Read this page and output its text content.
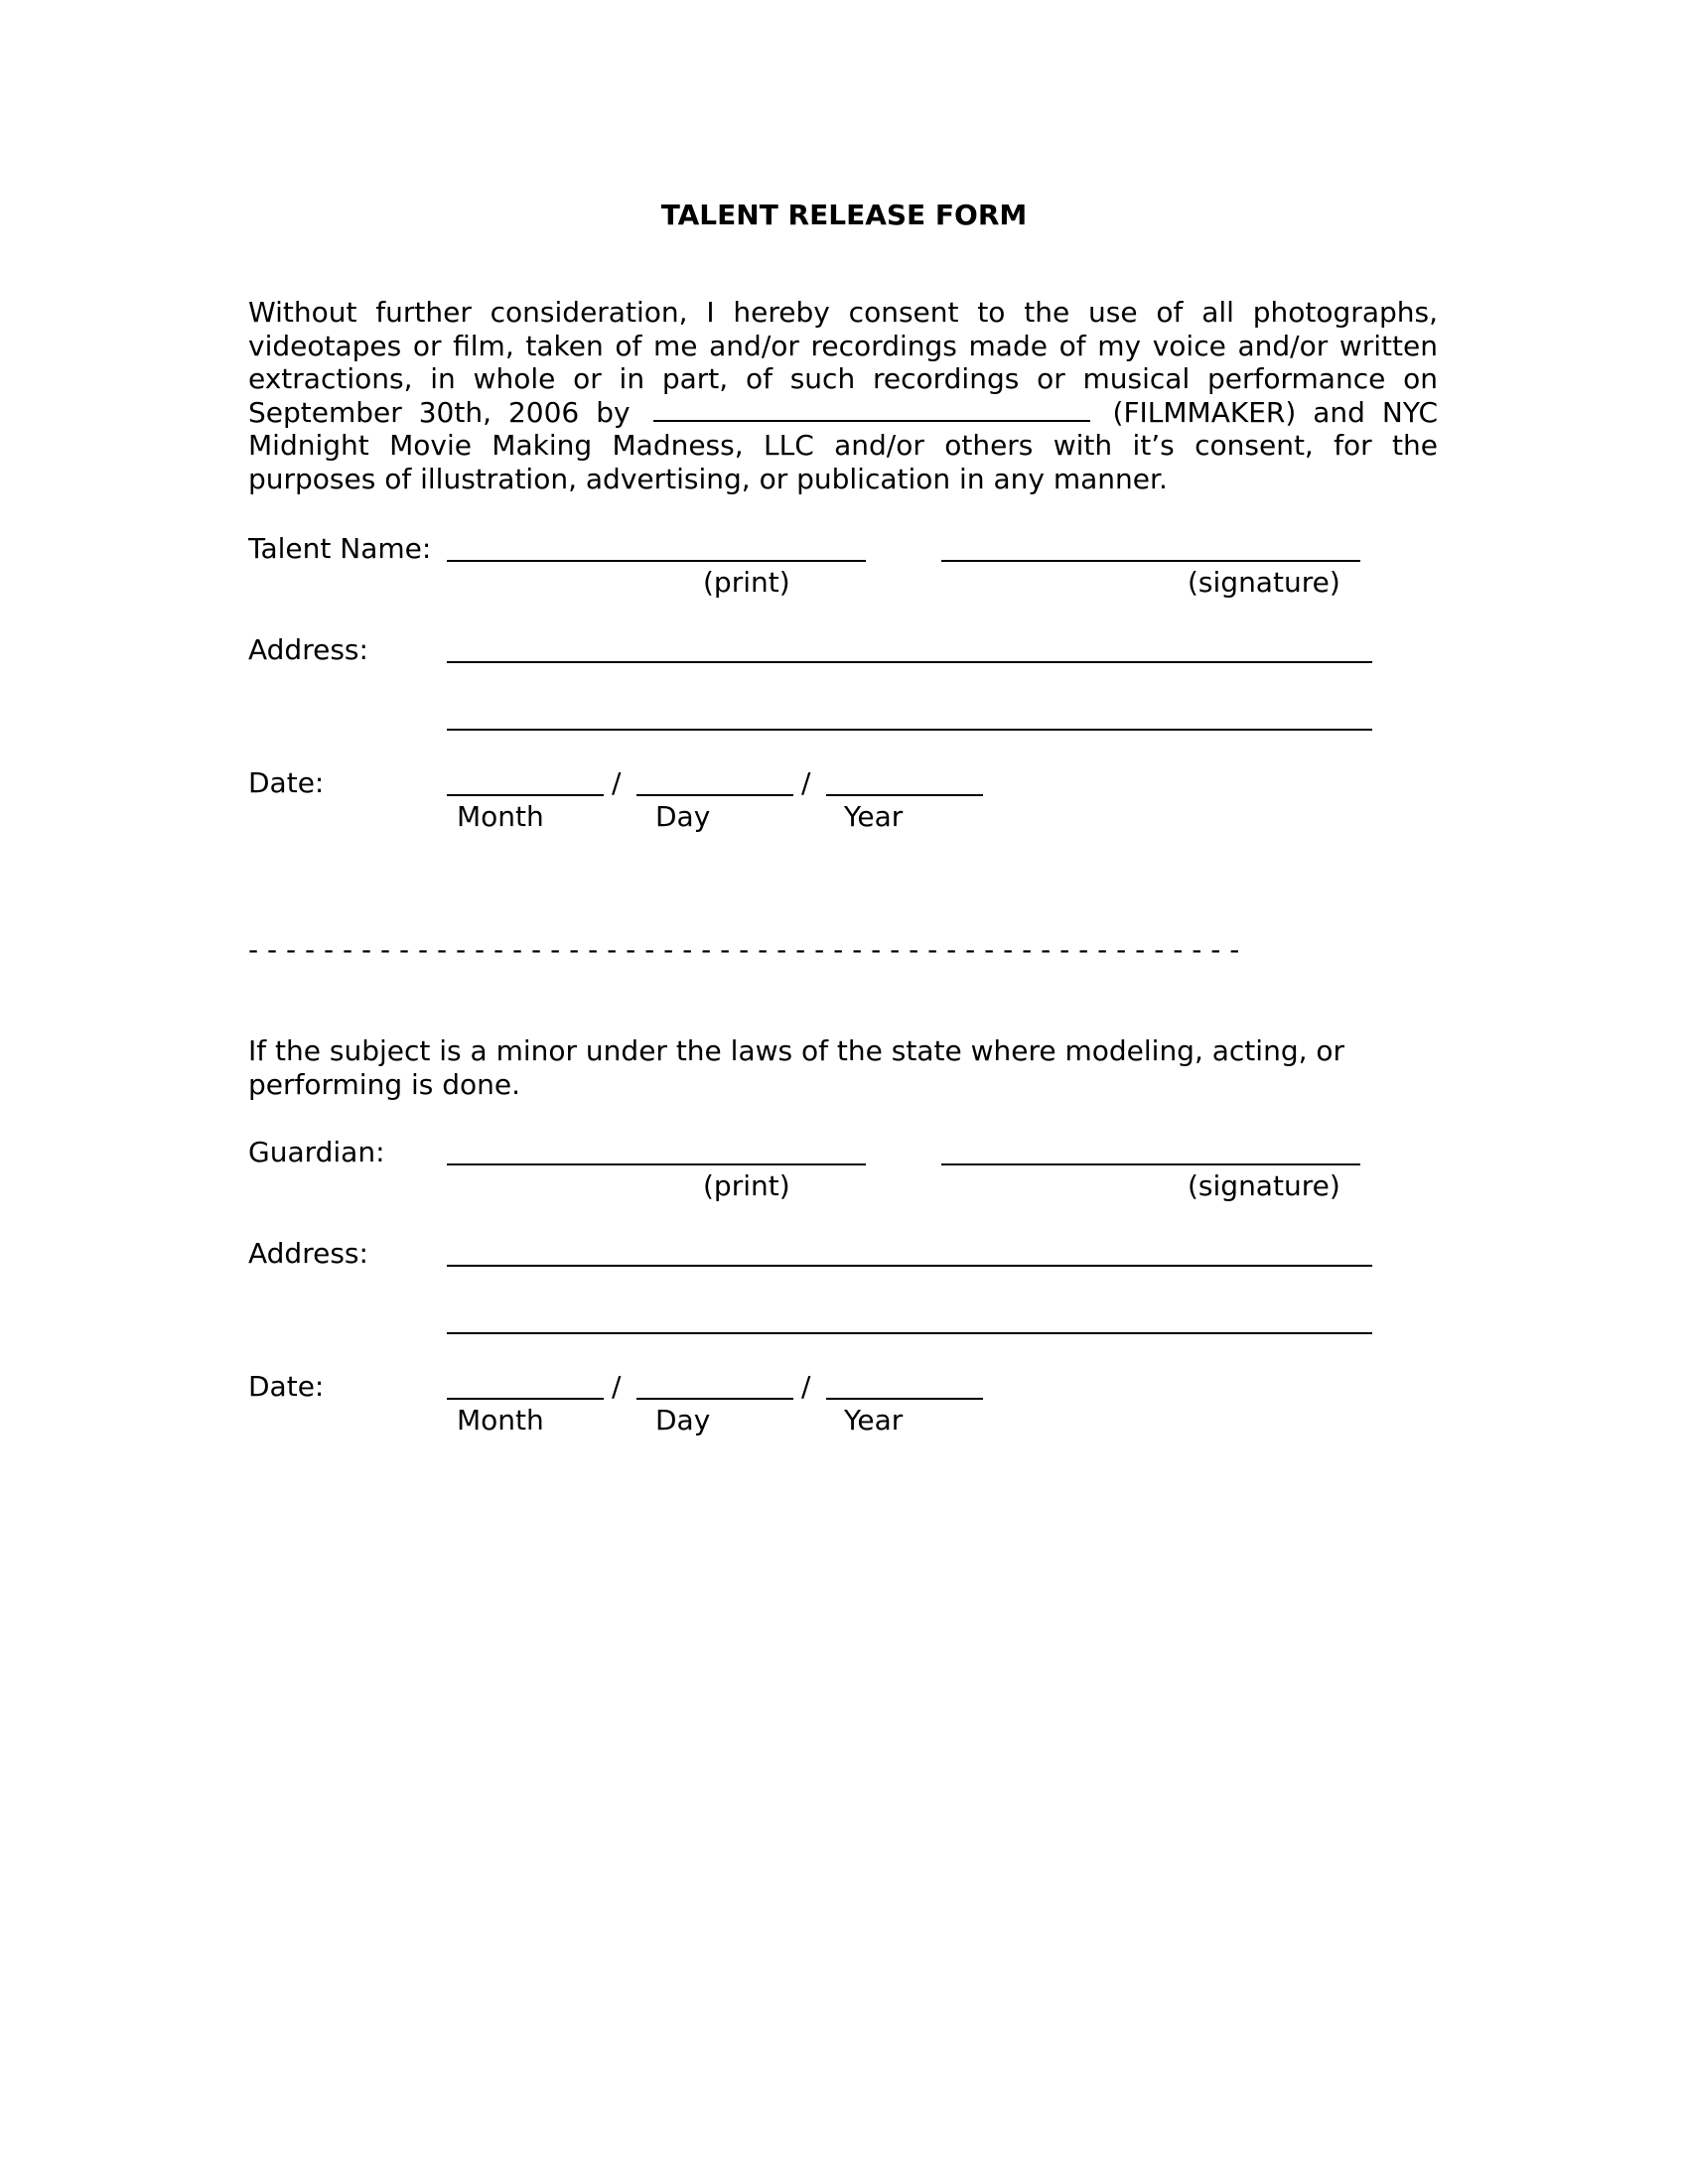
TALENT RELEASE FORM
Without further consideration, I hereby consent to the use of all photographs,
videotapes or film, taken of me and/or recordings made of my voice and/or written
extractions, in whole or in part, of such recordings or musical performance on
September 30th, 2006 by	(FILMMAKER) and NYC
Midnight Movie Making Madness, LLC and/or others with it’s consent, for the
purposes of illustration, advertising, or publication in any manner.
Talent Name:
(print)	(signature)
Address:
Date:	/	/
Month	Day	Year
- - - - - - - - - - - - - - - - - - - - - - - - - - - - - - - - - - - - - - - - - - - - - - - - - - - - -
If the subject is a minor under the laws of the state where modeling, acting, or
performing is done.
Guardian:
(print)	(signature)
Address:
Date:	/	/
Month	Day	Year
